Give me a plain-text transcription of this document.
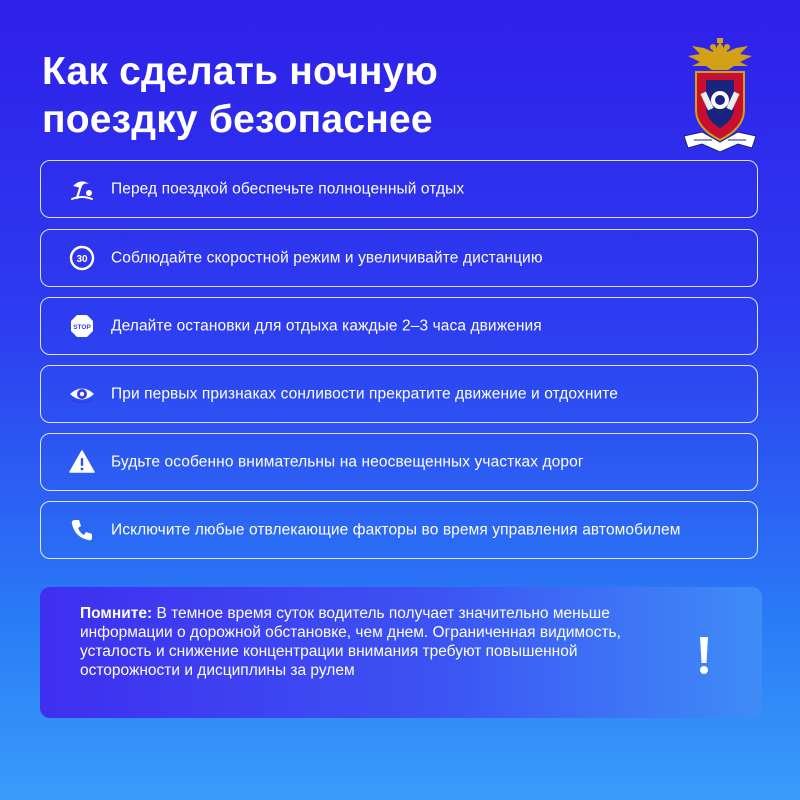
Как сделать ночную
поездку безопаснее
Перед поездкой обеспечьте полноценный отдых
30 Соблюдайте скоростной режим и увеличивайте дистанцию
STOP Делайте остановки для отдыха каждые 2–3 часа движения
При первых признаках сонливости прекратите движение и отдохните
Будьте особенно внимательны на неосвещенных участках дорог
Исключите любые отвлекающие факторы во время управления автомобилем
Помните: В темное время суток водитель получает значительно меньше информации о дорожной обстановке, чем днем. Ограниченная видимость, усталость и снижение концентрации внимания требуют повышенной осторожности и дисциплины за рулем
